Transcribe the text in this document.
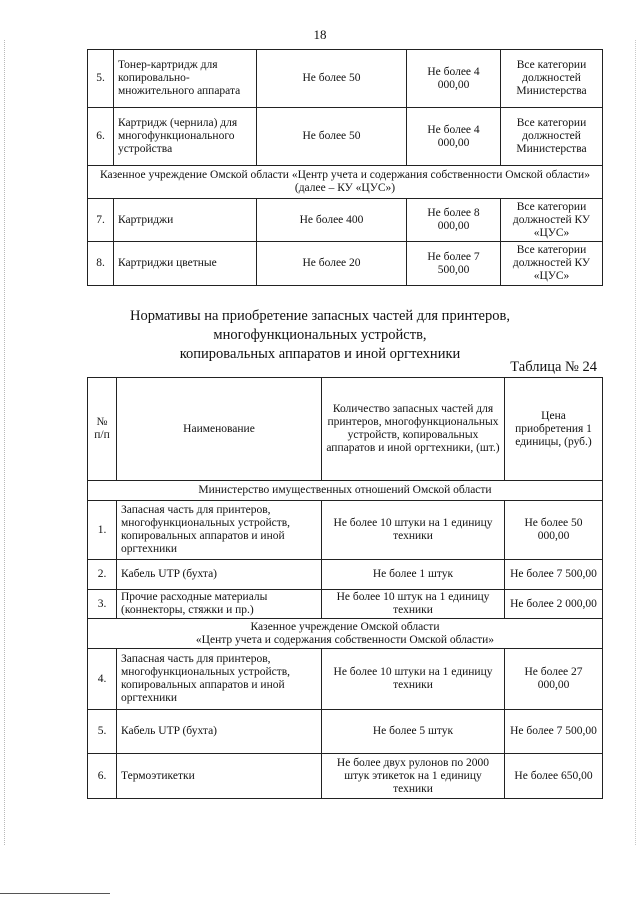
18
5.	Тонер-картридж для копировально-множительного аппарата	Не более 50	Не более 4 000,00	Все категории должностей Министерства
6.	Картридж (чернила) для многофункционального устройства	Не более 50	Не более 4 000,00	Все категории должностей Министерства
Казенное учреждение Омской области «Центр учета и содержания собственности Омской области» (далее – КУ «ЦУС»)				
7.	Картриджи	Не более 400	Не более 8 000,00	Все категории должностей КУ «ЦУС»
8.	Картриджи цветные	Не более 20	Не более 7 500,00	Все категории должностей КУ «ЦУС»
Нормативы на приобретение запасных частей для принтеров,
многофункциональных устройств,
копировальных аппаратов и иной оргтехники
Таблица № 24
№ п/п	Наименование	Количество запасных частей для принтеров, многофункциональных устройств, копировальных аппаратов и иной оргтехники, (шт.)	Цена приобретения 1 единицы, (руб.)
Министерство имущественных отношений Омской области			
1.	Запасная часть для принтеров, многофункциональных устройств, копировальных аппаратов и иной оргтехники	Не более 10 штуки на 1 единицу техники	Не более 50 000,00
2.	Кабель UTP (бухта)	Не более 1 штук	Не более 7 500,00
3.	Прочие расходные материалы (коннекторы, стяжки и пр.)	Не более 10 штук на 1 единицу техники	Не более 2 000,00

Казенное учреждение Омской области
«Центр учета и содержания собственности Омской области»			

4.	Запасная часть для принтеров, многофункциональных устройств, копировальных аппаратов и иной оргтехники	Не более 10 штуки на 1 единицу техники	Не более 27 000,00
5.	Кабель UTP (бухта)	Не более 5 штук	Не более 7 500,00
6.	Термоэтикетки	Не более двух рулонов по 2000 штук этикеток на 1 единицу техники	Не более 650,00
